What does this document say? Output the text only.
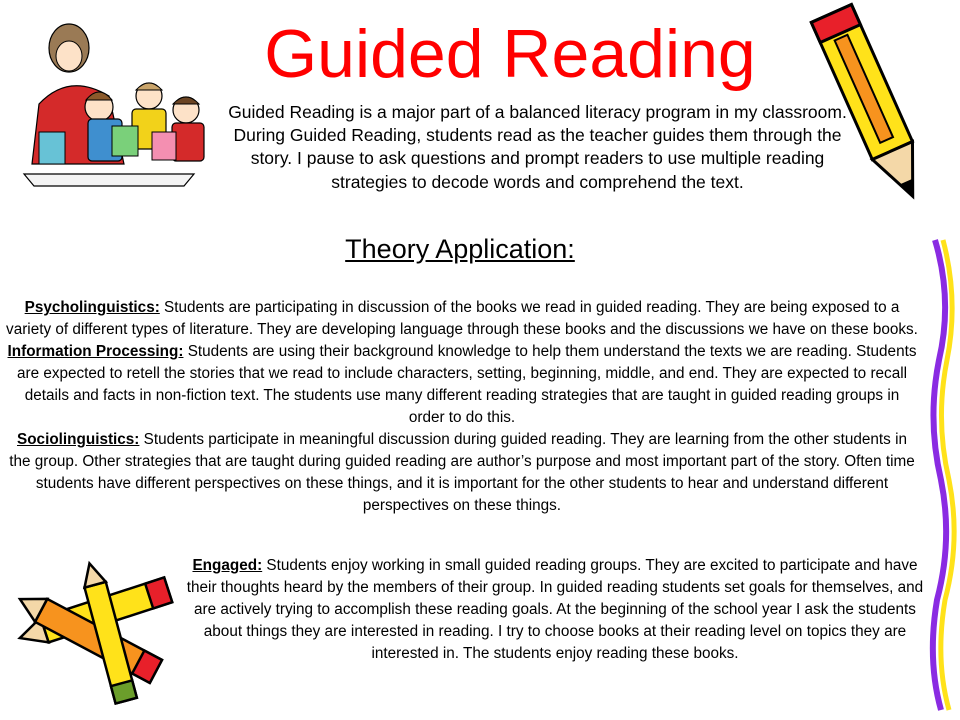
Guided Reading
Guided Reading is a major part of a balanced literacy program in my classroom. During Guided Reading, students read as the teacher guides them through the story. I pause to ask questions and prompt readers to use multiple reading strategies to decode words and comprehend the text.
Theory Application:
Psycholinguistics: Students are participating in discussion of the books we read in guided reading. They are being exposed to a variety of different types of literature. They are developing language through these books and the discussions we have on these books.
Information Processing: Students are using their background knowledge to help them understand the texts we are reading. Students are expected to retell the stories that we read to include characters, setting, beginning, middle, and end. They are expected to recall details and facts in non-fiction text. The students use many different reading strategies that are taught in guided reading groups in order to do this.
Sociolinguistics: Students participate in meaningful discussion during guided reading. They are learning from the other students in the group. Other strategies that are taught during guided reading are author’s purpose and most important part of the story. Often time students have different perspectives on these things, and it is important for the other students to hear and understand different perspectives on these things.
Engaged: Students enjoy working in small guided reading groups. They are excited to participate and have their thoughts heard by the members of their group. In guided reading students set goals for themselves, and are actively trying to accomplish these reading goals. At the beginning of the school year I ask the students about things they are interested in reading. I try to choose books at their reading level on topics they are interested in. The students enjoy reading these books.
